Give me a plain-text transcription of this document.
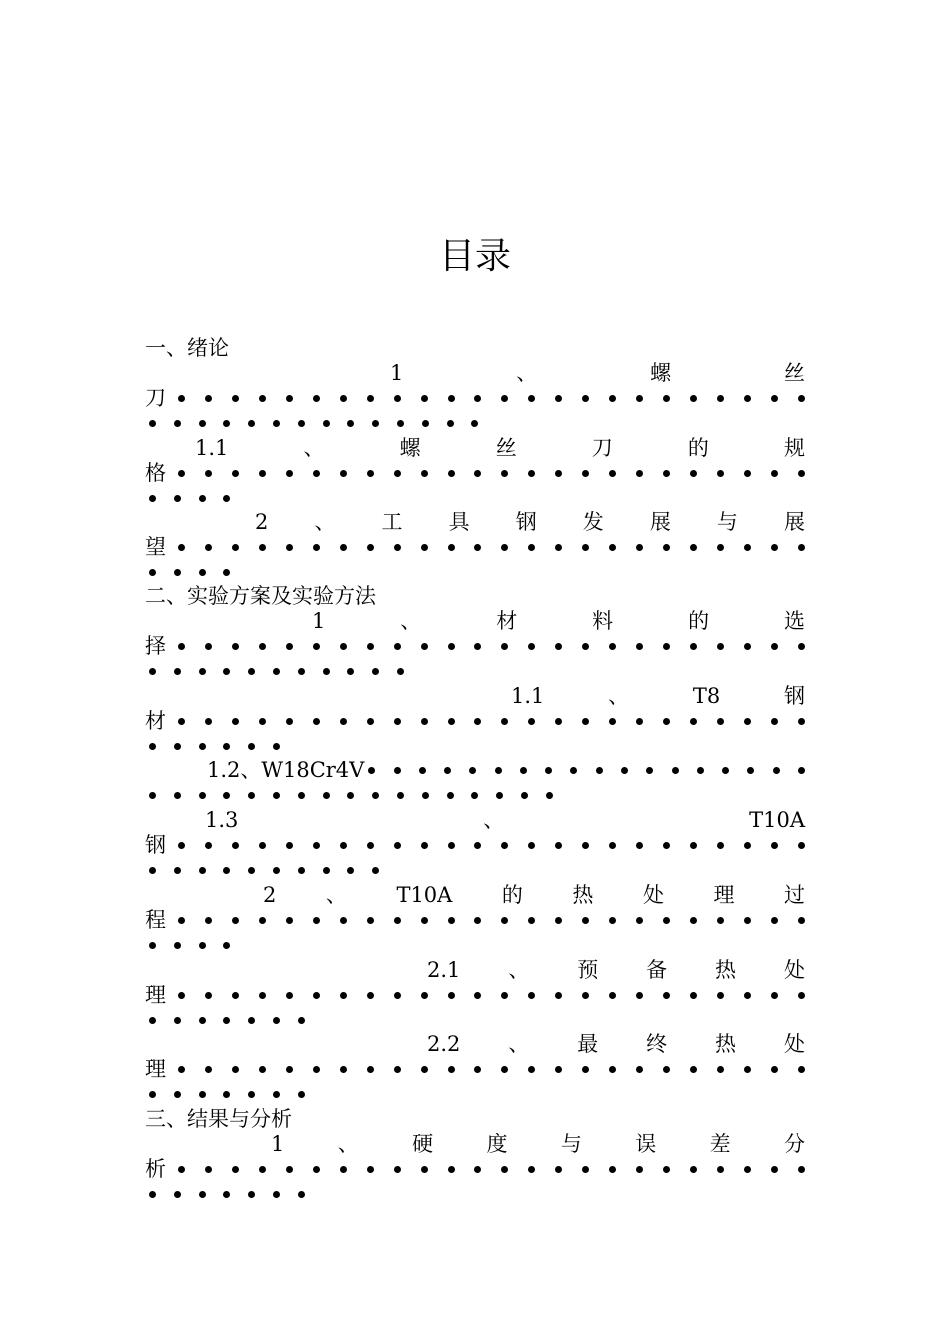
目录
一、绪论
1	、	螺	丝
刀
1.1	、	螺	丝	刀	的	规
格
2 、 工 具 钢 发 展 与 展
望
二、实验方案及实验方法
1	、	材	料	的	选
择
1.1	、	T8	钢
材
1.2、W18Cr4V
1.3	、	T10A
钢
2 、 T10A 的 热 处 理 过
程
2.1 、 预 备 热 处
理
2.2 、 最 终 热 处
理
三、结果与分析
1	、	硬	度	与	误	差	分
析
